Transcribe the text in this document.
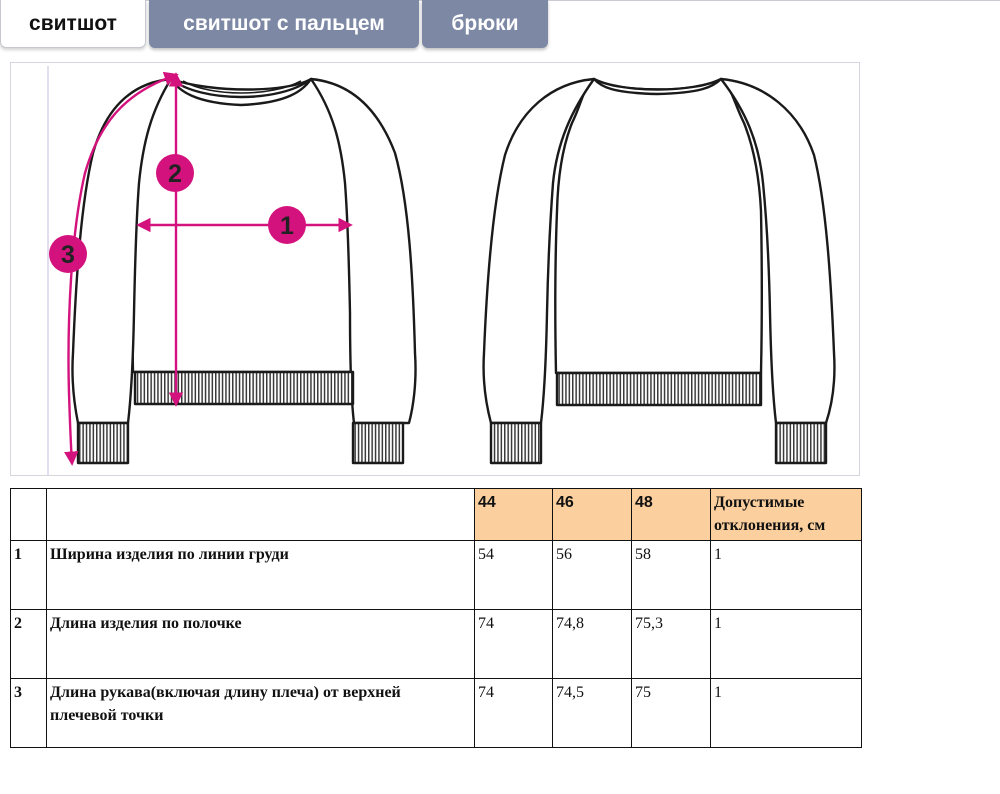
свитшот	свитшот с пальцем	брюки
1
2
3
		44	46	48	Допустимые отклонения, см
1	Ширина изделия по линии груди	54	56	58	1
2	Длина изделия по полочке	74	74,8	75,3	1
3	Длина рукава(включая длину плеча) от верхней плечевой точки	74	74,5	75	1
